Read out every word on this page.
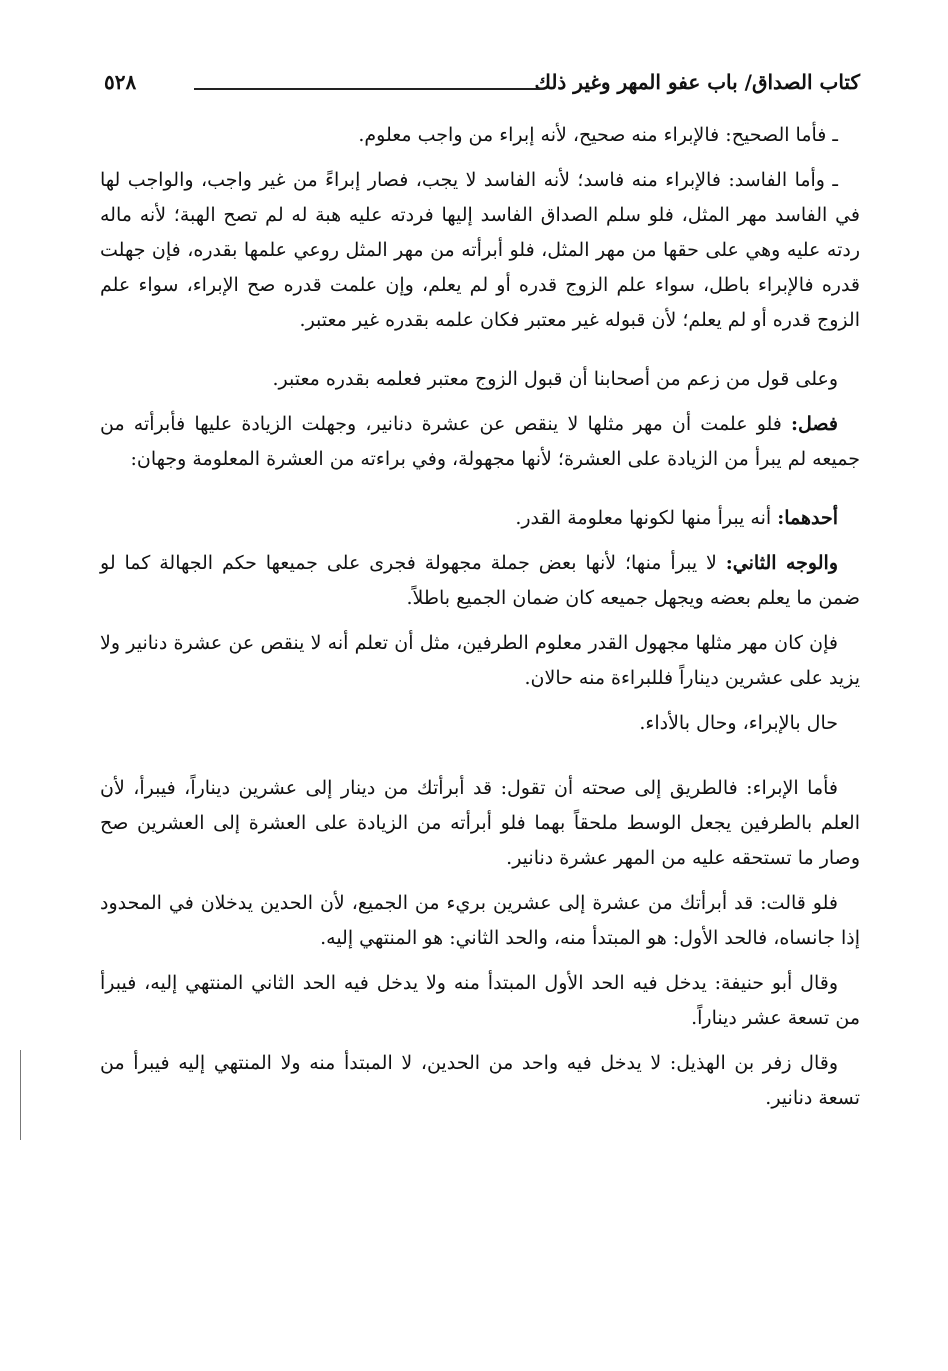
كتاب الصداق/ باب عفو المهر وغير ذلك
٥٢٨

ـ فأما الصحيح: فالإبراء منه صحيح، لأنه إبراء من واجب معلوم.

ـ وأما الفاسد: فالإبراء منه فاسد؛ لأنه الفاسد لا يجب، فصار إبراءً من غير واجب، والواجب لها في الفاسد مهر المثل، فلو سلم الصداق الفاسد إليها فردته عليه هبة له لم تصح الهبة؛ لأنه ماله ردته عليه وهي على حقها من مهر المثل، فلو أبرأته من مهر المثل روعي علمها بقدره، فإن جهلت قدره فالإبراء باطل، سواء علم الزوج قدره أو لم يعلم، وإن علمت قدره صح الإبراء، سواء علم الزوج قدره أو لم يعلم؛ لأن قبوله غير معتبر فكان علمه بقدره غير معتبر.

وعلى قول من زعم من أصحابنا أن قبول الزوج معتبر فعلمه بقدره معتبر.

فصل: فلو علمت أن مهر مثلها لا ينقص عن عشرة دنانير، وجهلت الزيادة عليها فأبرأته من جميعه لم يبرأ من الزيادة على العشرة؛ لأنها مجهولة، وفي براءته من العشرة المعلومة وجهان:

أحدهما: أنه يبرأ منها لكونها معلومة القدر.

والوجه الثاني: لا يبرأ منها؛ لأنها بعض جملة مجهولة فجرى على جميعها حكم الجهالة كما لو ضمن ما يعلم بعضه ويجهل جميعه كان ضمان الجميع باطلاً.

فإن كان مهر مثلها مجهول القدر معلوم الطرفين، مثل أن تعلم أنه لا ينقص عن عشرة دنانير ولا يزيد على عشرين ديناراً فللبراءة منه حالان.

حال بالإبراء، وحال بالأداء.

فأما الإبراء: فالطريق إلى صحته أن تقول: قد أبرأتك من دينار إلى عشرين ديناراً، فيبرأ، لأن العلم بالطرفين يجعل الوسط ملحقاً بهما فلو أبرأته من الزيادة على العشرة إلى العشرين صح وصار ما تستحقه عليه من المهر عشرة دنانير.

فلو قالت: قد أبرأتك من عشرة إلى عشرين بريء من الجميع، لأن الحدين يدخلان في المحدود إذا جانساه، فالحد الأول: هو المبتدأ منه، والحد الثاني: هو المنتهي إليه.

وقال أبو حنيفة: يدخل فيه الحد الأول المبتدأ منه ولا يدخل فيه الحد الثاني المنتهي إليه، فيبرأ من تسعة عشر ديناراً.

وقال زفر بن الهذيل: لا يدخل فيه واحد من الحدين، لا المبتدأ منه ولا المنتهي إليه فيبرأ من تسعة دنانير.
